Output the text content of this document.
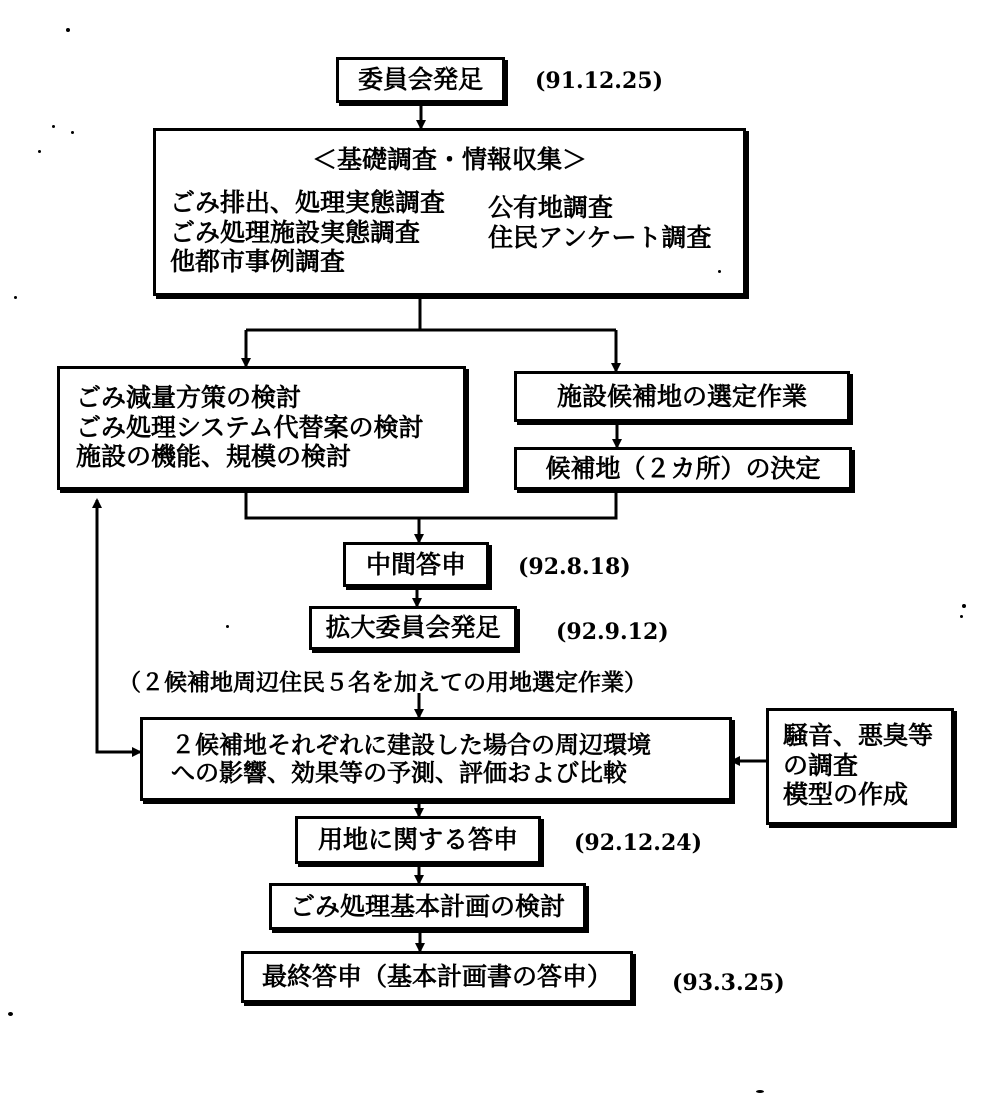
委員会発足 (91.12.25)
＜基礎調査・情報収集＞
ごみ排出、処理実態調査
ごみ処理施設実態調査
他都市事例調査
公有地調査
住民アンケート調査
ごみ減量方策の検討
ごみ処理システム代替案の検討
施設の機能、規模の検討
施設候補地の選定作業
候補地（２カ所）の決定
中間答申 (92.8.18)
拡大委員会発足	(92.9.12)
（２候補地周辺住民５名を加えての用地選定作業）
２候補地それぞれに建設した場合の周辺環境
への影響、効果等の予測、評価および比較
騒音、悪臭等
の調査
模型の作成
用地に関する答申	(92.12.24)
ごみ処理基本計画の検討
最終答申（基本計画書の答申）	(93.3.25)
